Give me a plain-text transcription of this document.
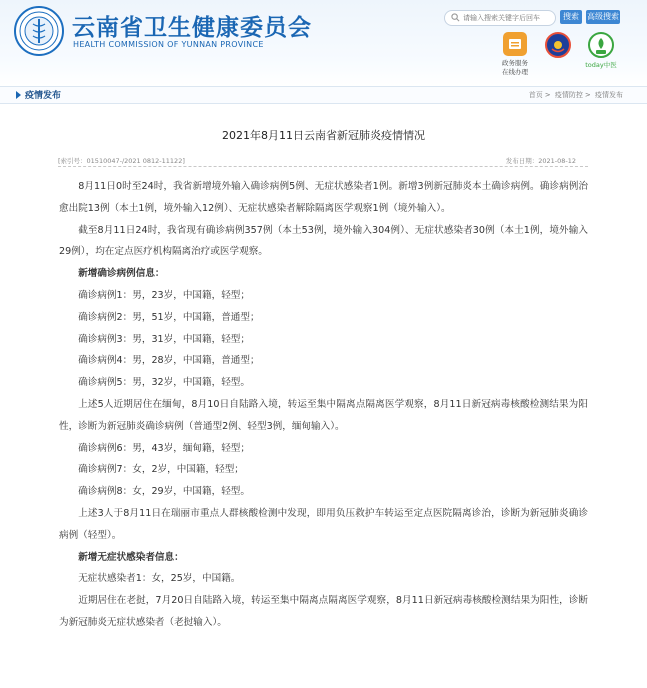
云南省卫生健康委员会
HEALTH COMMISSION OF YUNNAN PROVINCE
请输入搜索关键字后回车
搜索	高级搜索
政务服务
在线办理
today中医
疫情发布	首页 > 疫情防控 > 疫情发布
2021年8月11日云南省新冠肺炎疫情情况
[索引号：01510047-/2021 0812-11122]	发布日期：2021-08-12

8月11日0时至24时，我省新增境外输入确诊病例5例、无症状感染者1例。新增3例新冠肺炎本土确诊病例。确诊病例治愈出院13例（本土1例，境外输入12例）、无症状感染者解除隔离医学观察1例（境外输入）。

截至8月11日24时，我省现有确诊病例357例（本土53例，境外输入304例）、无症状感染者30例（本土1例，境外输入29例），均在定点医疗机构隔离治疗或医学观察。

新增确诊病例信息：

确诊病例1：男，23岁，中国籍，轻型；

确诊病例2：男，51岁，中国籍，普通型；

确诊病例3：男，31岁，中国籍，轻型；

确诊病例4：男，28岁，中国籍，普通型；

确诊病例5：男，32岁，中国籍，轻型。

上述5人近期居住在缅甸，8月10日自陆路入境，转运至集中隔离点隔离医学观察，8月11日新冠病毒核酸检测结果为阳性，诊断为新冠肺炎确诊病例（普通型2例、轻型3例，缅甸输入）。

确诊病例6：男，43岁，缅甸籍，轻型；

确诊病例7：女，2岁，中国籍，轻型；

确诊病例8：女，29岁，中国籍，轻型。

上述3人于8月11日在瑞丽市重点人群核酸检测中发现，即用负压救护车转运至定点医院隔离诊治，诊断为新冠肺炎确诊病例（轻型）。

新增无症状感染者信息：

无症状感染者1：女，25岁，中国籍。

近期居住在老挝，7月20日自陆路入境，转运至集中隔离点隔离医学观察，8月11日新冠病毒核酸检测结果为阳性，诊断为新冠肺炎无症状感染者（老挝输入）。
